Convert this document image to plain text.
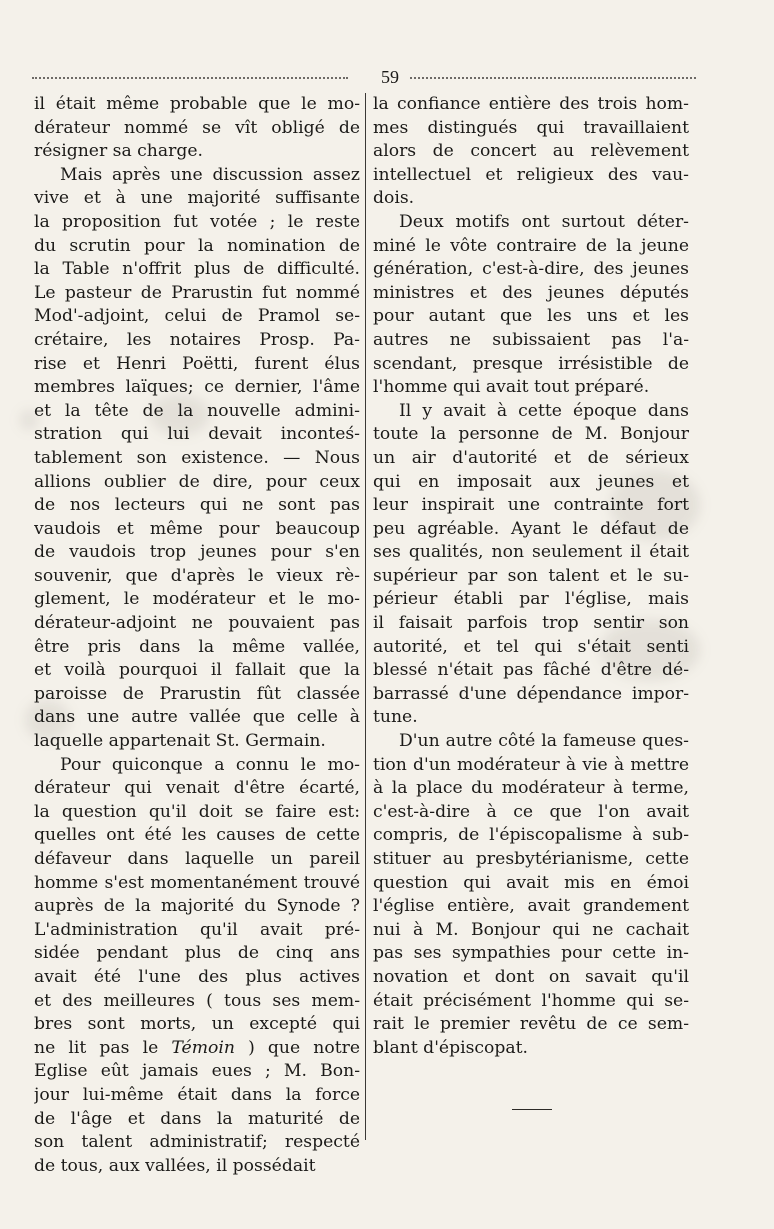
59
il était même probable que le mo-
dérateur nommé se vît obligé de
résigner sa charge.
Mais après une discussion assez
vive et à une majorité suffisante
la proposition fut votée ; le reste
du scrutin pour la nomination de
la Table n'offrit plus de difficulté.
Le pasteur de Prarustin fut nommé
Mod'-adjoint, celui de Pramol se-
crétaire, les notaires Prosp. Pa-
rise et Henri Poëtti, furent élus
membres laïques; ce dernier, l'âme
et la tête de la nouvelle admini-
stration qui lui devait inconteś-
tablement son existence. — Nous
allions oublier de dire, pour ceux
de nos lecteurs qui ne sont pas
vaudois et même pour beaucoup
de vaudois trop jeunes pour s'en
souvenir, que d'après le vieux rè-
glement, le modérateur et le mo-
dérateur-adjoint ne pouvaient pas
être pris dans la même vallée,
et voilà pourquoi il fallait que la
paroisse de Prarustin fût classée
dans une autre vallée que celle à
laquelle appartenait St. Germain.
Pour quiconque a connu le mo-
dérateur qui venait d'être écarté,
la question qu'il doit se faire est:
quelles ont été les causes de cette
défaveur dans laquelle un pareil
homme s'est momentanément trouvé
auprès de la majorité du Synode ?
L'administration qu'il avait pré-
sidée pendant plus de cinq ans
avait été l'une des plus actives
et des meilleures ( tous ses mem-
bres sont morts, un excepté qui
ne lit pas le Témoin ) que notre
Eglise eût jamais eues ; M. Bon-
jour lui-même était dans la force
de l'âge et dans la maturité de
son talent administratif; respecté
de tous, aux vallées, il possédait
la confiance entière des trois hom-
mes distingués qui travaillaient
alors de concert au relèvement
intellectuel et religieux des vau-
dois.
Deux motifs ont surtout déter-
miné le vôte contraire de la jeune
génération, c'est-à-dire, des jeunes
ministres et des jeunes députés
pour autant que les uns et les
autres ne subissaient pas l'a-
scendant, presque irrésistible de
l'homme qui avait tout préparé.
Il y avait à cette époque dans
toute la personne de M. Bonjour
un air d'autorité et de sérieux
qui en imposait aux jeunes et
leur inspirait une contrainte fort
peu agréable. Ayant le défaut de
ses qualités, non seulement il était
supérieur par son talent et le su-
périeur établi par l'église, mais
il faisait parfois trop sentir son
autorité, et tel qui s'était senti
blessé n'était pas fâché d'être dé-
barrassé d'une dépendance impor-
tune.
D'un autre côté la fameuse ques-
tion d'un modérateur à vie à mettre
à la place du modérateur à terme,
c'est-à-dire à ce que l'on avait
compris, de l'épiscopalisme à sub-
stituer au presbytérianisme, cette
question qui avait mis en émoi
l'église entière, avait grandement
nui à M. Bonjour qui ne cachait
pas ses sympathies pour cette in-
novation et dont on savait qu'il
était précisément l'homme qui se-
rait le premier revêtu de ce sem-
blant d'épiscopat.
